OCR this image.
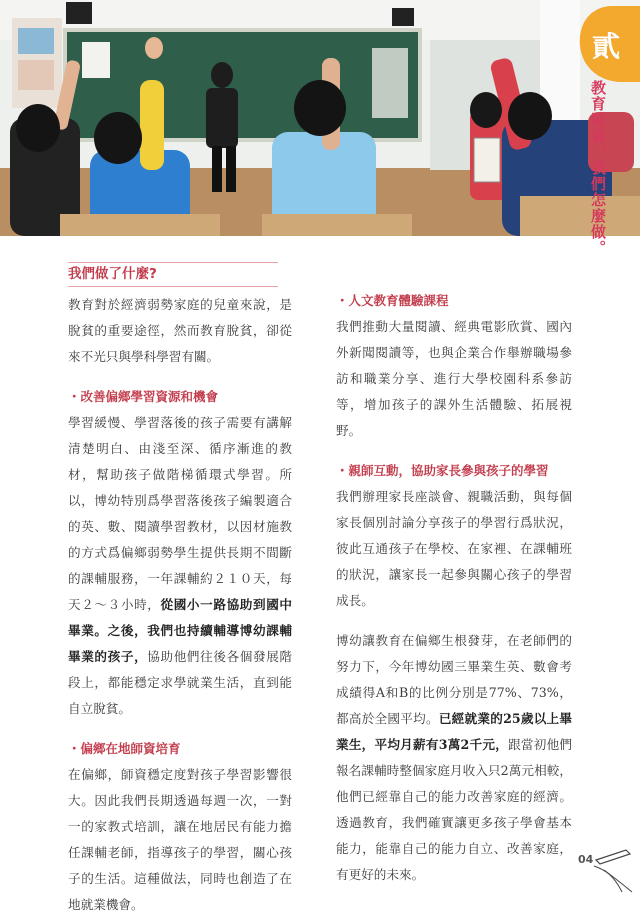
貳
教育脫貧，我們怎麼做。
我們做了什麼?

教育對於經濟弱勢家庭的兒童來說，是脫貧的重要途徑，然而教育脫貧，卻從來不光只與學科學習有關。

・改善偏鄉學習資源和機會

學習緩慢、學習落後的孩子需要有講解清楚明白、由淺至深、循序漸進的教材，幫助孩子做階梯循環式學習。所以，博幼特別爲學習落後孩子編製適合的英、數、閱讀學習教材，以因材施教的方式爲偏鄉弱勢學生提供長期不間斷的課輔服務，一年課輔約２１０天，每天２～３小時，從國小一路協助到國中畢業。之後，我們也持續輔導博幼課輔畢業的孩子，協助他們往後各個發展階段上，都能穩定求學就業生活，直到能自立脫貧。

・偏鄉在地師資培育

在偏鄉，師資穩定度對孩子學習影響很大。因此我們長期透過每週一次，一對一的家教式培訓，讓在地居民有能力擔任課輔老師，指導孩子的學習，關心孩子的生活。這種做法，同時也創造了在地就業機會。

・人文教育體驗課程

我們推動大量閱讀、經典電影欣賞、國內外新聞閱讀等，也與企業合作舉辦職場參訪和職業分享、進行大學校園科系參訪等，增加孩子的課外生活體驗、拓展視野。

・親師互動，協助家長參與孩子的學習

我們辦理家長座談會、親職活動，與每個家長個別討論分享孩子的學習行爲狀況，彼此互通孩子在學校、在家裡、在課輔班的狀況，讓家長一起參與關心孩子的學習成長。

博幼讓教育在偏鄉生根發芽，在老師們的努力下，今年博幼國三畢業生英、數會考成績得A和B的比例分別是77%、73%，都高於全國平均。已經就業的25歲以上畢業生，平均月薪有3萬2千元，跟當初他們報名課輔時整個家庭月收入只2萬元相較，他們已經靠自己的能力改善家庭的經濟。透過教育，我們確實讓更多孩子學會基本能力，能靠自己的能力自立、改善家庭，有更好的未來。

04
